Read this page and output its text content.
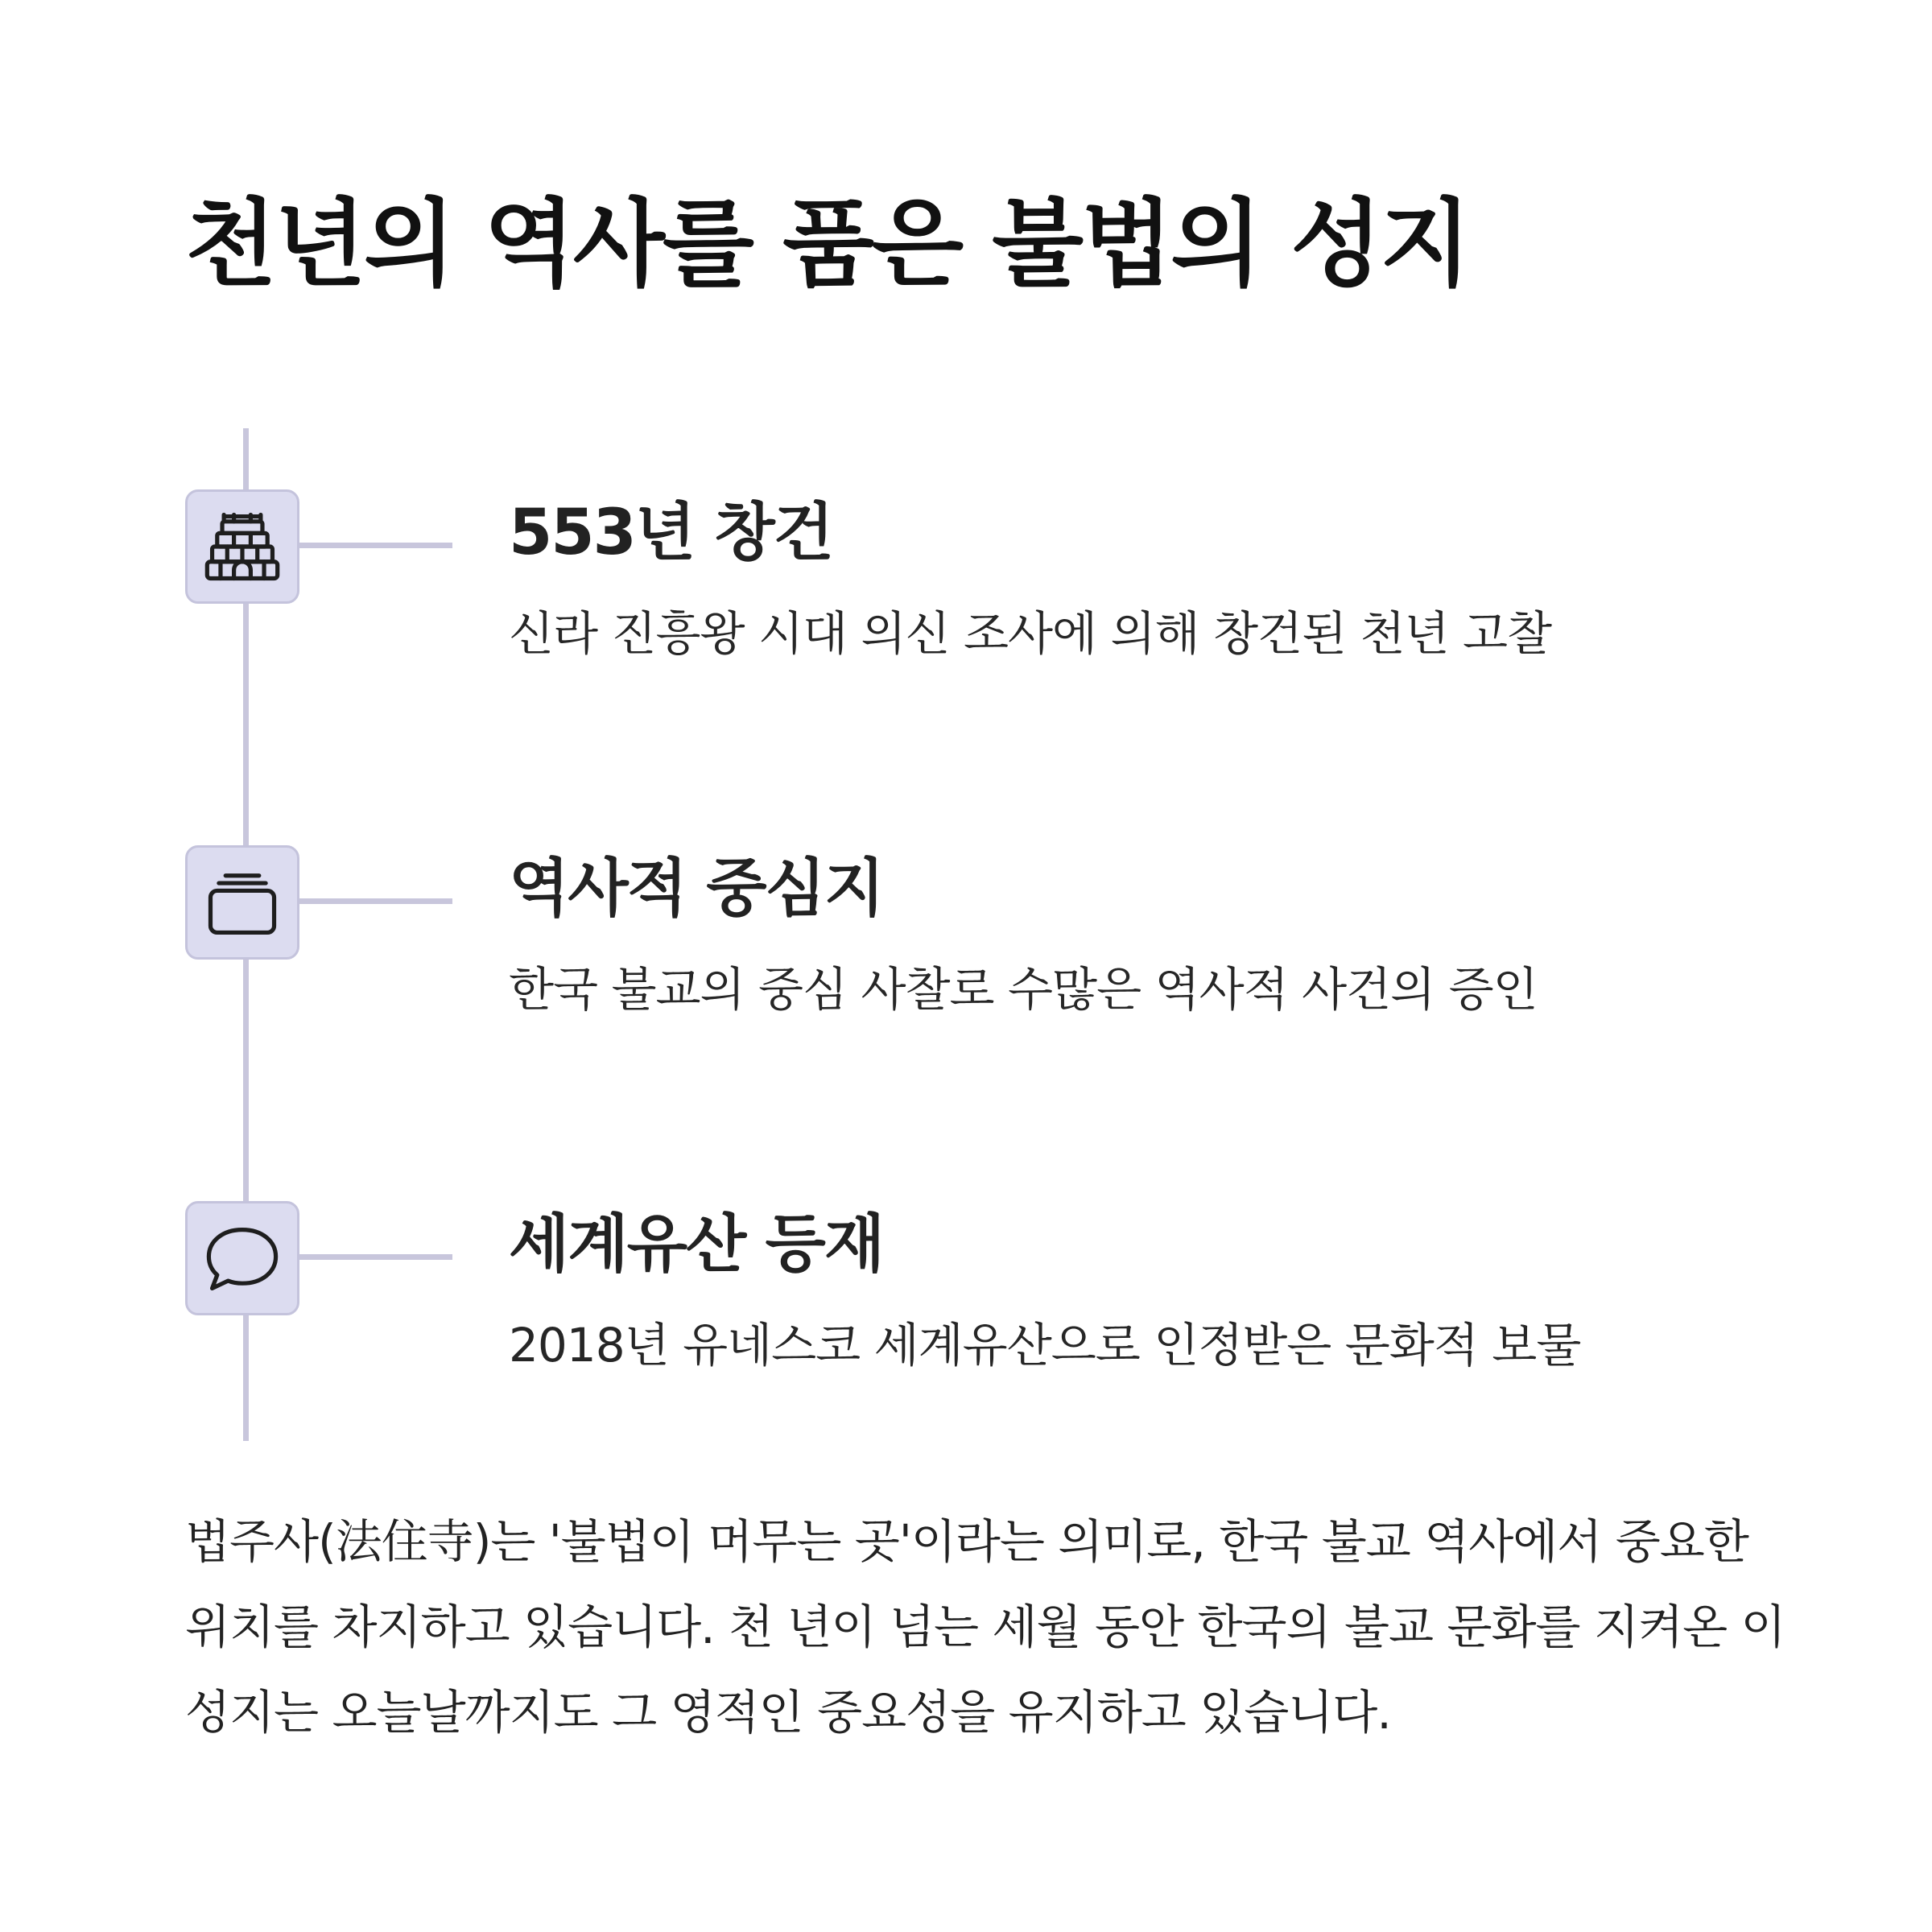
천년의 역사를 품은 불법의 성지
553년 창건

신라 진흥왕 시대 의신 조사에 의해 창건된 천년 고찰

역사적 중심지

한국 불교의 중심 사찰로 수많은 역사적 사건의 증인

세계유산 등재

2018년 유네스코 세계유산으로 인정받은 문화적 보물

법주사(法住寺)는 '불법이 머무는 곳'이라는 의미로, 한국 불교 역사에서 중요한 위치를 차지하고 있습니다. 천 년이 넘는 세월 동안 한국의 불교 문화를 지켜온 이 성지는 오늘날까지도 그 영적인 중요성을 유지하고 있습니다.
